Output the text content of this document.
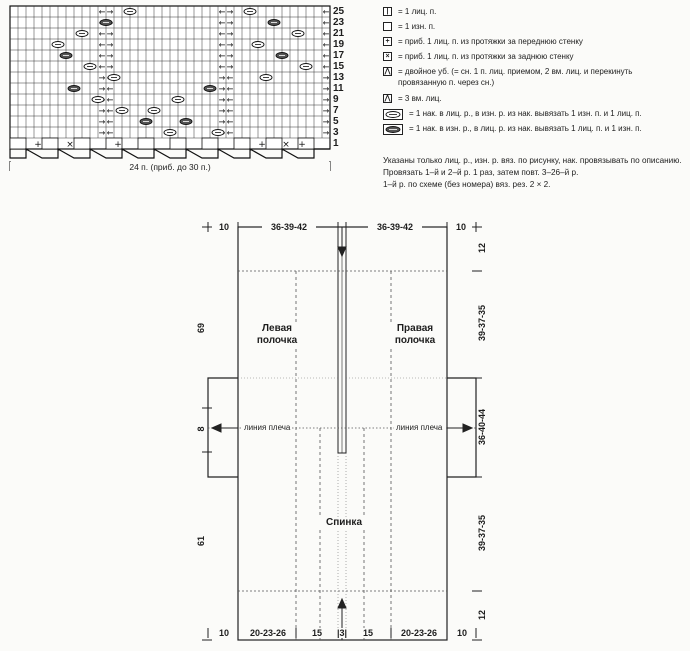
← →	← →	←
← →	←
← →	← →	←
← →	← →	←
← →	← →	←
← →	← →	←
→	→ ←	→
→ ←	→ ←	→
←	→ ←	→
→ ←	→ ←	→
→ ←	→ ←	→
→ ←	←	→
+	×	+	+ × +
25
23
21
19
17
15
13
11
9
7
5
3
1
24 п. (приб. до 30 п.)
|	= 1 лиц. п.
= 1 изн. п.
+	= приб. 1 лиц. п. из протяжки за переднюю стенку
×	= приб. 1 лиц. п. из протяжки за заднюю стенку
⋀ = двойное уб. (= сн. 1 п. лиц. приемом, 2 вм. лиц. и перекинуть
провязанную п. через сн.)
⋀ = 3 вм. лиц.
= 1 нак. в лиц. р., в изн. р. из нак. вывязать 1 изн. п. и 1 лиц. п.
= 1 нак. в изн. р., в лиц. р. из нак. вывязать 1 лиц. п. и 1 изн. п.
Указаны только лиц. р., изн. р. вяз. по рисунку, нак. провязывать по описанию.
Провязать 1–й и 2–й р. 1 раз, затем повт. 3–26–й р.
1–й р. по схеме (без номера) вяз. рез. 2 × 2.
10	36-39-42	36-39-42	10
10	20-23-26	15	|3|	15	20-23-26	10
69
8
61
12
39-37-35
36-40-44
39-37-35
12
Левая
полочка
Правая
полочка
Спинка
линия плеча	линия плеча
